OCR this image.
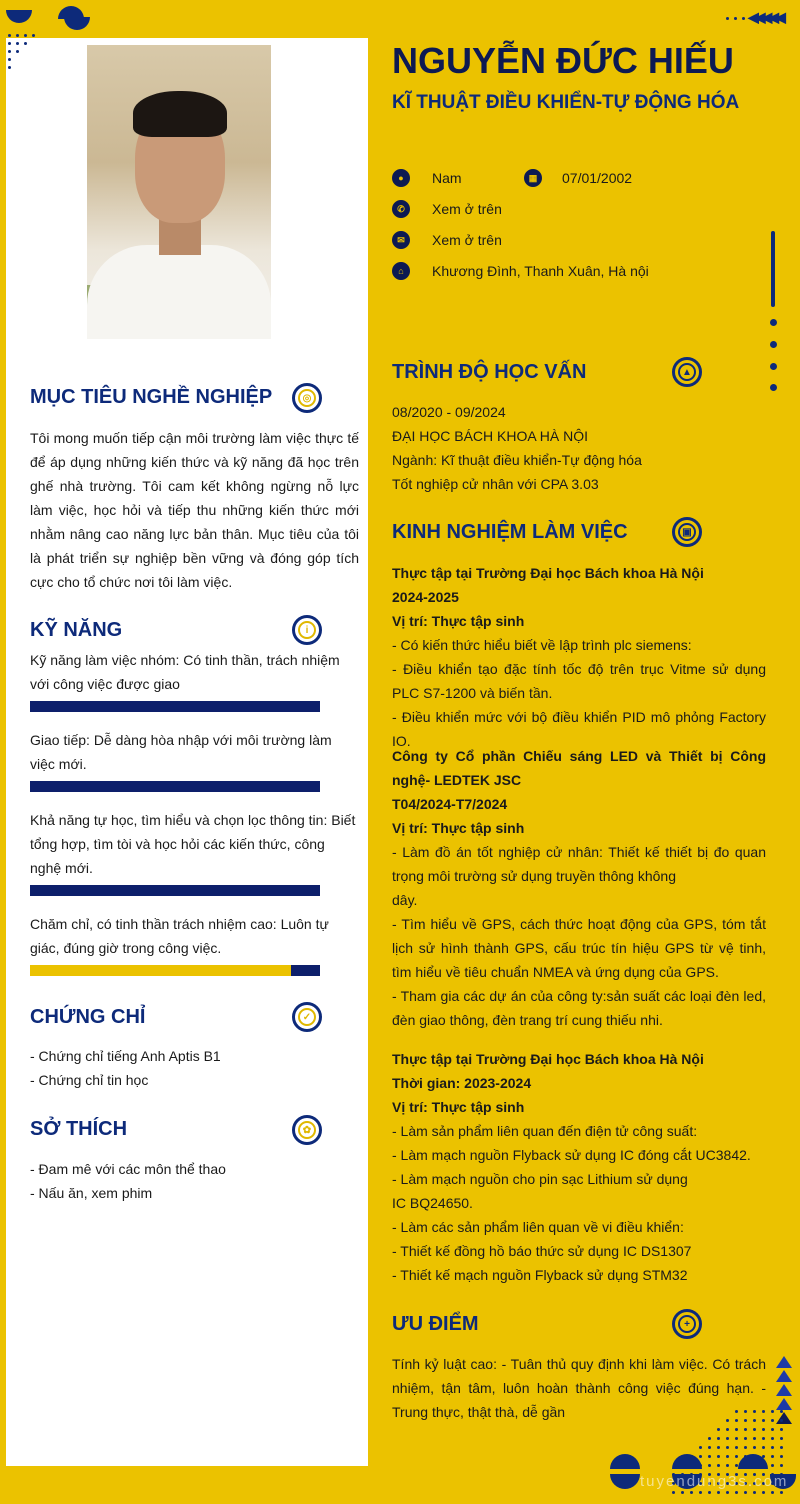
◀◀◀◀◀
NGUYỄN ĐỨC HIẾU
KĨ THUẬT ĐIỀU KHIỂN-TỰ ĐỘNG HÓA
●	Nam	▦	07/01/2002
✆	Xem ở trên
✉	Xem ở trên
⌂	Khương Đình, Thanh Xuân, Hà nội
MỤC TIÊU NGHỀ NGHIỆP	◎
Tôi mong muốn tiếp cận môi trường làm việc thực tế để áp dụng những kiến thức và kỹ năng đã học trên ghế nhà trường. Tôi cam kết không ngừng nỗ lực làm việc, học hỏi và tiếp thu những kiến thức mới nhằm nâng cao năng lực bản thân. Mục tiêu của tôi là phát triển sự nghiệp bền vững và đóng góp tích cực cho tổ chức nơi tôi làm việc.
KỸ NĂNG	i
Kỹ năng làm việc nhóm: Có tinh thần, trách nhiệm với công việc được giao
Giao tiếp: Dễ dàng hòa nhập với môi trường làm việc mới.
Khả năng tự học, tìm hiểu và chọn lọc thông tin: Biết tổng hợp, tìm tòi và học hỏi các kiến thức, công nghệ mới.
Chăm chỉ, có tinh thần trách nhiệm cao: Luôn tự giác, đúng giờ trong công việc.
CHỨNG CHỈ	✓
- Chứng chỉ tiếng Anh Aptis B1
- Chứng chỉ tin học
SỞ THÍCH	✿
- Đam mê với các môn thể thao
- Nấu ăn, xem phim
TRÌNH ĐỘ HỌC VẤN	▲
08/2020 - 09/2024
ĐẠI HỌC BÁCH KHOA HÀ NỘI
Ngành: Kĩ thuật điều khiển-Tự động hóa
Tốt nghiệp cử nhân với CPA 3.03
KINH NGHIỆM LÀM VIỆC	▣
Thực tập tại Trường Đại học Bách khoa Hà Nội
2024-2025
Vị trí: Thực tập sinh
- Có kiến thức hiểu biết về lập trình plc siemens:
- Điều khiển tạo đặc tính tốc độ trên trục Vitme sử dụng PLC S7-1200 và biến tần.
- Điều khiển mức với bộ điều khiển PID mô phỏng Factory IO.
Công ty Cổ phần Chiếu sáng LED và Thiết bị Công nghệ- LEDTEK JSC
T04/2024-T7/2024
Vị trí: Thực tập sinh
- Làm đồ án tốt nghiệp cử nhân: Thiết kế thiết bị đo quan trọng môi trường sử dụng truyền thông không
dây.
- Tìm hiểu về GPS, cách thức hoạt động của GPS, tóm tắt lịch sử hình thành GPS, cấu trúc tín hiệu GPS từ vệ tinh, tìm hiểu về tiêu chuẩn NMEA và ứng dụng của GPS.
- Tham gia các dự án của công ty:sản suất các loại đèn led, đèn giao thông, đèn trang trí cung thiếu nhi.
Thực tập tại Trường Đại học Bách khoa Hà Nội
Thời gian: 2023-2024
Vị trí: Thực tập sinh
- Làm sản phẩm liên quan đến điện tử công suất:
- Làm mạch nguồn Flyback sử dụng IC đóng cắt UC3842.
- Làm mạch nguồn cho pin sạc Lithium sử dụng
IC BQ24650.
- Làm các sản phẩm liên quan về vi điều khiển:
- Thiết kế đồng hồ báo thức sử dụng IC DS1307
- Thiết kế mạch nguồn Flyback sử dụng STM32
ƯU ĐIỂM	+
Tính kỷ luật cao: - Tuân thủ quy định khi làm việc. Có trách nhiệm, tận tâm, luôn hoàn thành công việc đúng hạn. - Trung thực, thật thà, dễ gần
tuyendung3s.com
